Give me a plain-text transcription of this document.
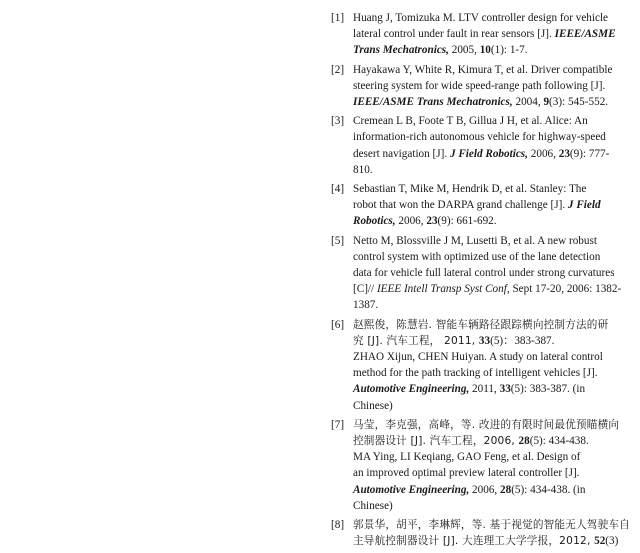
[1] Huang J, Tomizuka M. LTV controller design for vehicle
lateral control under fault in rear sensors [J]. IEEE/ASME
Trans Mechatronics, 2005, 10(1): 1-7.
[2] Hayakawa Y, White R, Kimura T, et al. Driver compatible
steering system for wide speed-range path following [J].
IEEE/ASME Trans Mechatronics, 2004, 9(3): 545-552.
[3] Cremean L B, Foote T B, Gillua J H, et al. Alice: An
information-rich autonomous vehicle for highway-speed
desert navigation [J]. J Field Robotics, 2006, 23(9): 777-
810.
[4] Sebastian T, Mike M, Hendrik D, et al. Stanley: The
robot that won the DARPA grand challenge [J]. J Field
Robotics, 2006, 23(9): 661-692.
[5] Netto M, Blossville J M, Lusetti B, et al. A new robust
control system with optimized use of the lane detection
data for vehicle full lateral control under strong curvatures
[C]// IEEE Intell Transp Syst Conf, Sept 17-20, 2006: 1382-
1387.
[6] 赵熙俊，陈慧岩. 智能车辆路径跟踪横向控制方法的研
究 [J]. 汽车工程， 2011, 33(5)：383-387.
ZHAO Xijun, CHEN Huiyan. A study on lateral control
method for the path tracking of intelligent vehicles [J].
Automotive Engineering, 2011, 33(5): 383-387. (in
Chinese)
[7] 马莹，李克强，高峰，等. 改进的有限时间最优预瞄横向
控制器设计 [J]. 汽车工程，2006, 28(5): 434-438.
MA Ying, LI Keqiang, GAO Feng, et al. Design of
an improved optimal preview lateral controller [J].
Automotive Engineering, 2006, 28(5): 434-438. (in
Chinese)
[8] 郭景华，胡平，李琳辉，等. 基于视觉的智能无人驾驶车自
主导航控制器设计 [J]. 大连理工大学学报，2012, 52(3)
